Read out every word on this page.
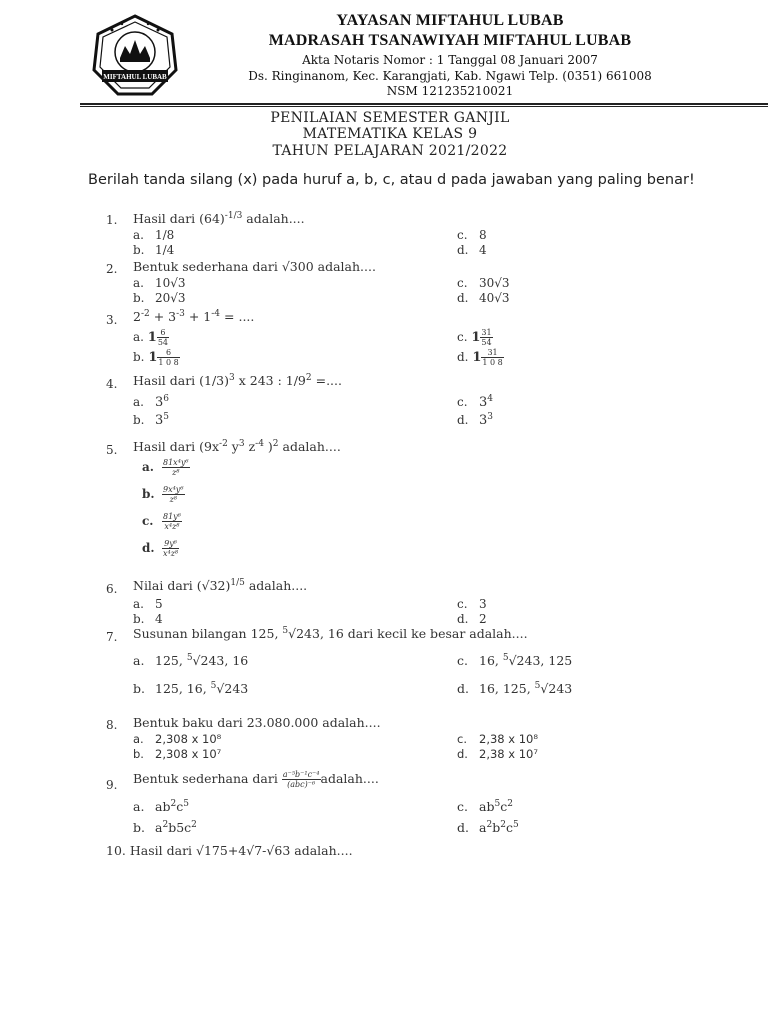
MIFTAHUL LUBAB
YAYASAN MIFTAHUL LUBAB
MADRASAH TSANAWIYAH MIFTAHUL LUBAB
Akta Notaris Nomor : 1 Tanggal 08 Januari 2007
Ds. Ringinanom, Kec. Karangjati, Kab. Ngawi Telp. (0351) 661008
NSM 121235210021
PENILAIAN SEMESTER GANJIL
MATEMATIKA KELAS 9
TAHUN PELAJARAN 2021/2022
Berilah tanda silang (x) pada huruf a, b, c, atau d pada jawaban yang paling benar!
1. Hasil dari $(64)^{-1/3}$ adalah....
a. 1/8
b. 1/4
c. 8
d. 4
2. Bentuk sederhana dari √300 adalah....
a. 10√3
b. 20√3
c. 30√3
d. 40√3
3. $2^{-2} + 3^{-3} + 1^{-4}$ = ....
a. $1 \frac{6}{54}$
b. $1 \frac{6}{1 0 8}$
c. $1 \frac{31}{54}$
d. $1 \frac{31}{1 0 8}$
4. Hasil dari $(1/3)^3$ x 243 : $1/9^2$ =....
a. $3^6$
b. $3^5$
c. $3^4$
d. $3^3$
5. Hasil dari ($9x^{-2}$ $y^3$ $z^{-4}$ )$^2$ adalah....
a. $\frac{\text{81x⁴y⁶}}{\text{z⁸}}$
b. $\frac{\text{9x⁴y⁶}}{\text{z⁸}}$
c. $\frac{\text{81y⁶}}{\text{x⁴z⁸}}$
d. $\frac{\text{9y⁶}}{\text{x⁴z⁸}}$
6. Nilai dari $(√32)^{1/5}$ adalah....
a. 5
b. 4
c. 3
d. 2
7. Susunan bilangan 125, $^5$√243, 16 dari kecil ke besar adalah....
a. 125, $^5$√243, 16
b. 125, 16, $^5$√243
c. 16, $^5$√243, 125
d. 16, 125, $^5$√243
8. Bentuk baku dari 23.080.000 adalah....
a. 2,308 x 10⁸
b. 2,308 x 10⁷
c. 2,38 x 10⁸
d. 2,38 x 10⁷
9. Bentuk sederhana dari $\frac{\text{a⁻⁵b⁻¹c⁻⁴}}{\text{(abc)⁻⁶}}$ adalah....
a. $ab^2c^5$
b. $a^2b5c^2$
c. $ab^5c^2$
d. $a^2b^2c^5$
10. Hasil dari √175+4√7-√63 adalah....
